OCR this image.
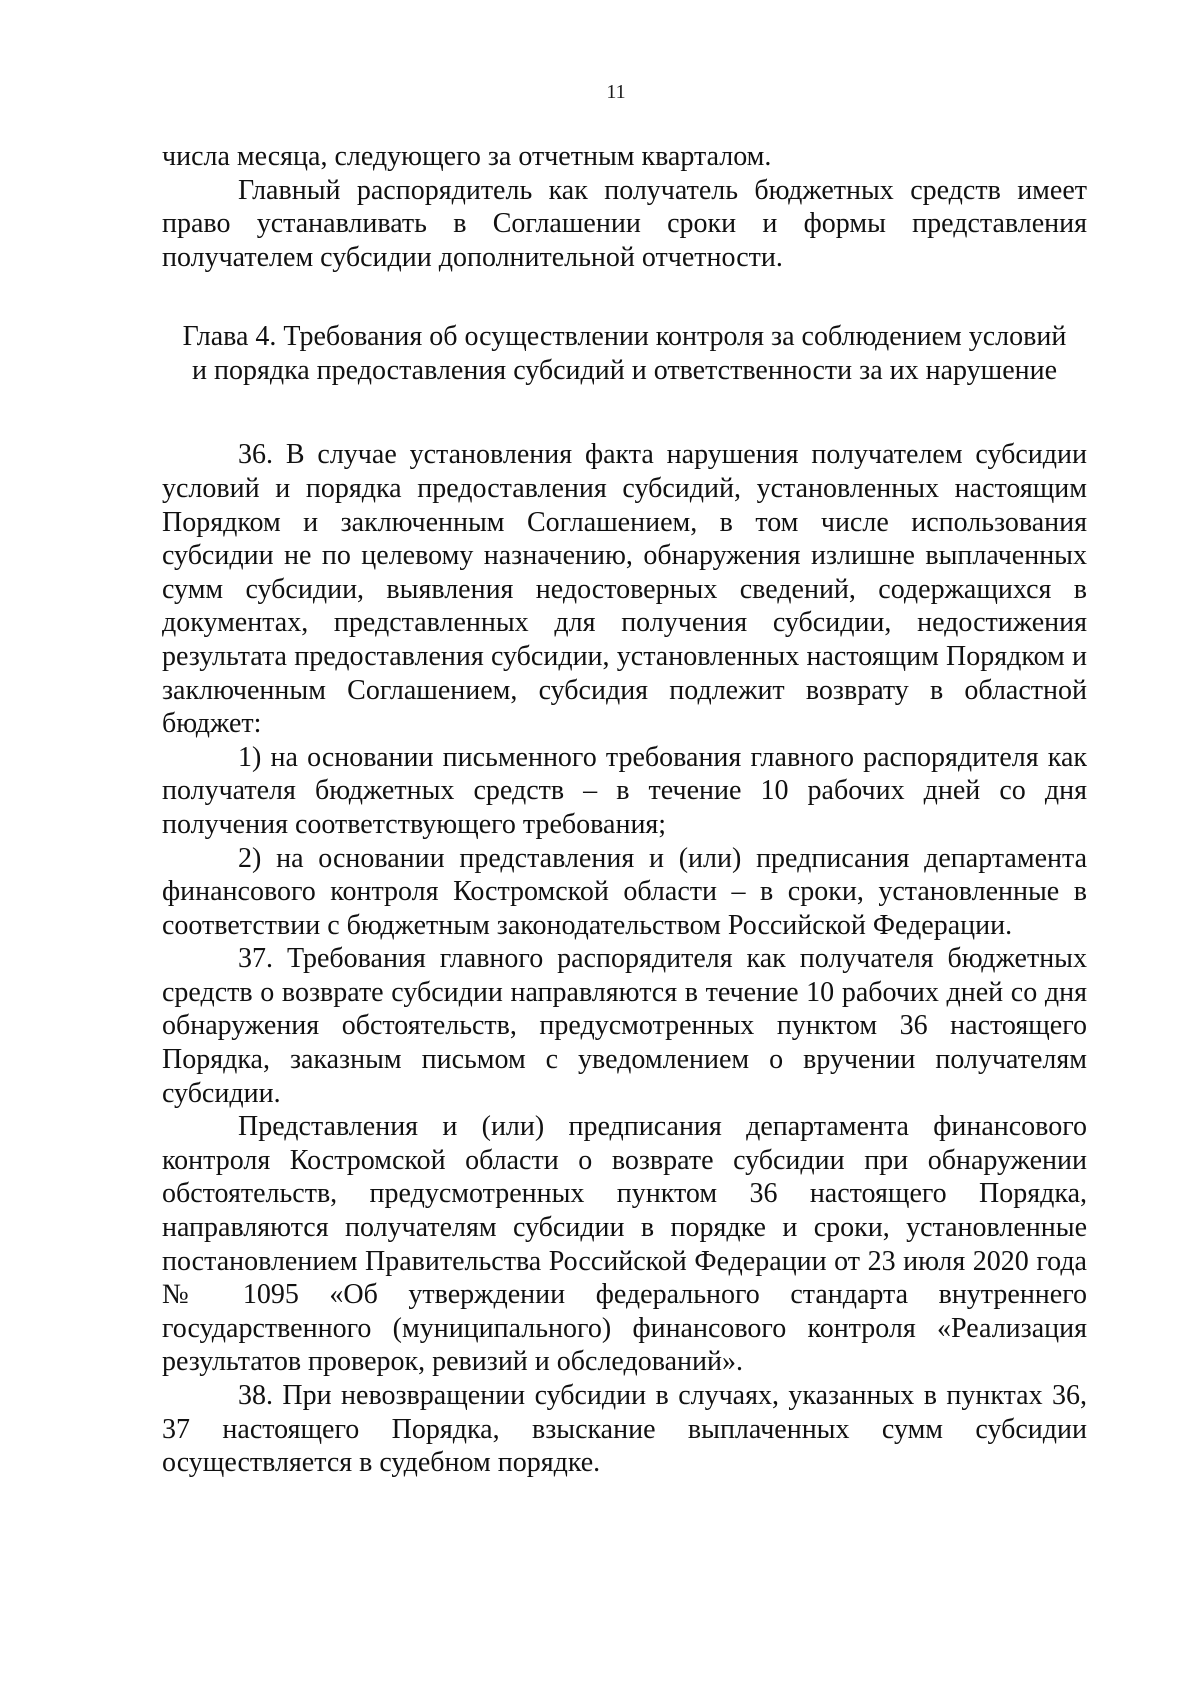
11

числа месяца, следующего за отчетным кварталом.

Главный распорядитель как получатель бюджетных средств имеет право устанавливать в Соглашении сроки и формы представления получателем субсидии дополнительной отчетности.

Глава 4. Требования об осуществлении контроля за соблюдением условий
и порядка предоставления субсидий и ответственности за их нарушение

36. В случае установления факта нарушения получателем субсидии условий и порядка предоставления субсидий, установленных настоящим Порядком и заключенным Соглашением, в том числе использования субсидии не по целевому назначению, обнаружения излишне выплаченных сумм субсидии, выявления недостоверных сведений, содержащихся в документах, представленных для получения субсидии, недостижения результата предоставления субсидии, установленных настоящим Порядком и заключенным Соглашением, субсидия подлежит возврату в областной бюджет:

1) на основании письменного требования главного распорядителя как получателя бюджетных средств – в течение 10 рабочих дней со дня получения соответствующего требования;

2) на основании представления и (или) предписания департамента финансового контроля Костромской области – в сроки, установленные в соответствии с бюджетным законодательством Российской Федерации.

37. Требования главного распорядителя как получателя бюджетных средств о возврате субсидии направляются в течение 10 рабочих дней со дня обнаружения обстоятельств, предусмотренных пунктом 36 настоящего Порядка, заказным письмом с уведомлением о вручении получателям субсидии.

Представления и (или) предписания департамента финансового контроля Костромской области о возврате субсидии при обнаружении обстоятельств, предусмотренных пунктом 36 настоящего Порядка, направляются получателям субсидии в порядке и сроки, установленные постановлением Правительства Российской Федерации от 23 июля 2020 года № 1095 «Об утверждении федерального стандарта внутреннего государственного (муниципального) финансового контроля «Реализация результатов проверок, ревизий и обследований».

38. При невозвращении субсидии в случаях, указанных в пунктах 36, 37 настоящего Порядка, взыскание выплаченных сумм субсидии осуществляется в судебном порядке.
